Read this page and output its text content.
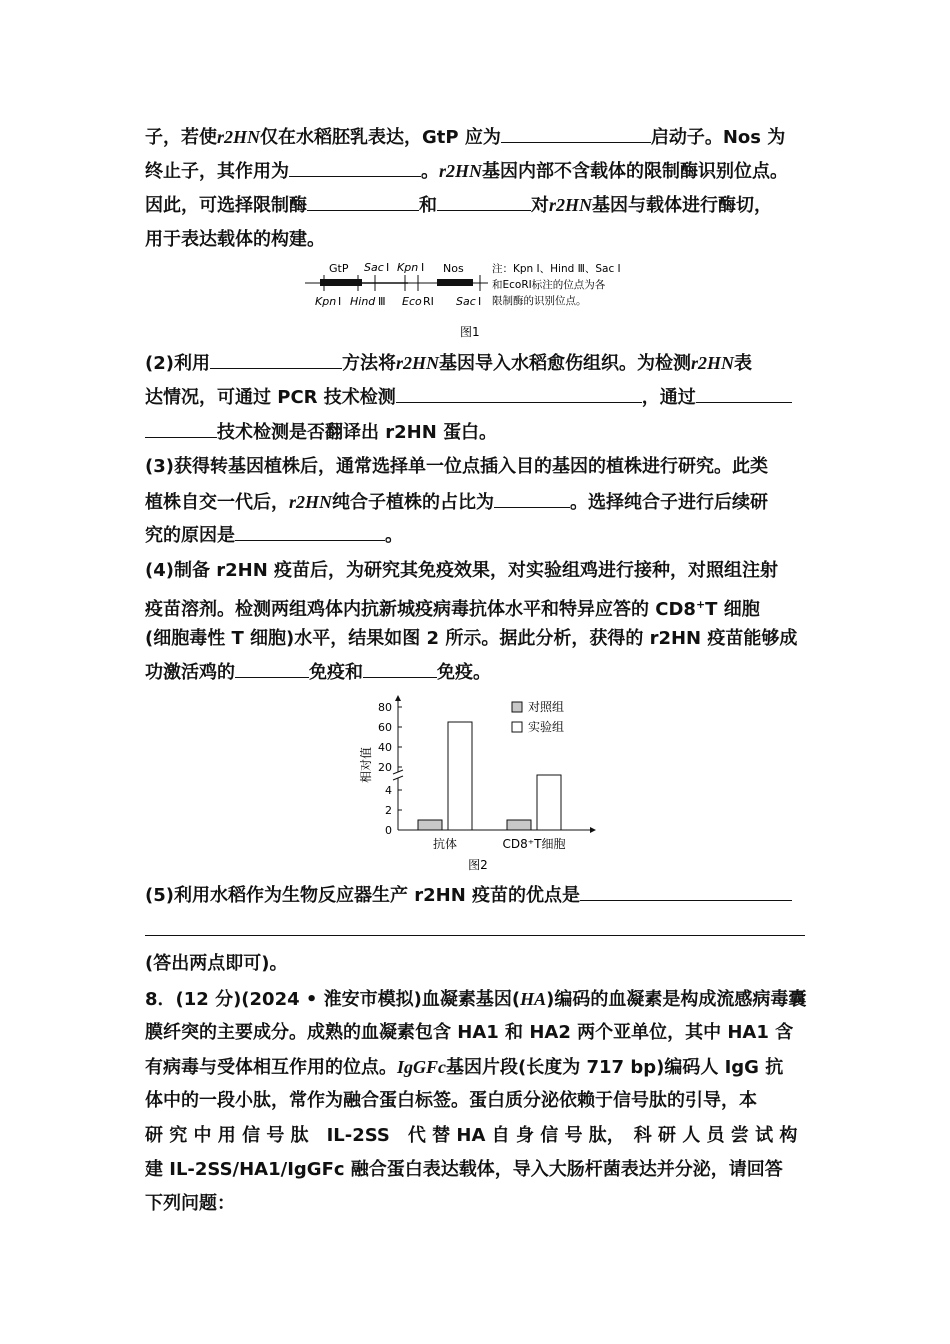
子，若使r2HN仅在水稻胚乳表达，GtP 应为	启动子。Nos 为
终止子，其作用为	。r2HN基因内部不含载体的限制酶识别位点。
因此，可选择限制酶	和	对r2HN基因与载体进行酶切，
用于表达载体的构建。
GtP Sac Ⅰ Kpn Ⅰ Nos
Kpn Ⅰ Hind Ⅲ Eco RⅠ Sac Ⅰ
注：Kpn Ⅰ、Hind Ⅲ、Sac Ⅰ
和EcoRⅠ标注的位点为各
限制酶的识别位点。
图1
(2)利用	方法将r2HN基因导入水稻愈伤组织。为检测r2HN表
达情况，可通过 PCR 技术检测	，通过
技术检测是否翻译出 r2HN 蛋白。
(3)获得转基因植株后，通常选择单一位点插入目的基因的植株进行研究。此类
植株自交一代后，r2HN纯合子植株的占比为	。选择纯合子进行后续研
究的原因是	。
(4)制备 r2HN 疫苗后，为研究其免疫效果，对实验组鸡进行接种，对照组注射
疫苗溶剂。检测两组鸡体内抗新城疫病毒抗体水平和特异应答的 CD8+T 细胞
(细胞毒性 T 细胞)水平，结果如图 2 所示。据此分析，获得的 r2HN 疫苗能够成
功激活鸡的	免疫和	免疫。
0
2
4
20
40
60
80
相对值
抗体	CD8⁺T细胞
对照组
实验组
图2
(5)利用水稻作为生物反应器生产 r2HN 疫苗的优点是
(答出两点即可)。
8．(12 分)(2024 • 淮安市模拟)血凝素基因(HA)编码的血凝素是构成流感病毒囊
膜纤突的主要成分。成熟的血凝素包含 HA1 和 HA2 两个亚单位，其中 HA1 含
有病毒与受体相互作用的位点。IgGFc基因片段(长度为 717 bp)编码人 IgG 抗
体中的一段小肽，常作为融合蛋白标签。蛋白质分泌依赖于信号肽的引导，本
研 究 中 用 信 号 肽　IL-2SS　代 替 HA 自 身 信 号 肽，　科 研 人 员 尝 试 构
建 IL-2SS/HA1/IgGFc 融合蛋白表达载体，导入大肠杆菌表达并分泌，请回答
下列问题：
